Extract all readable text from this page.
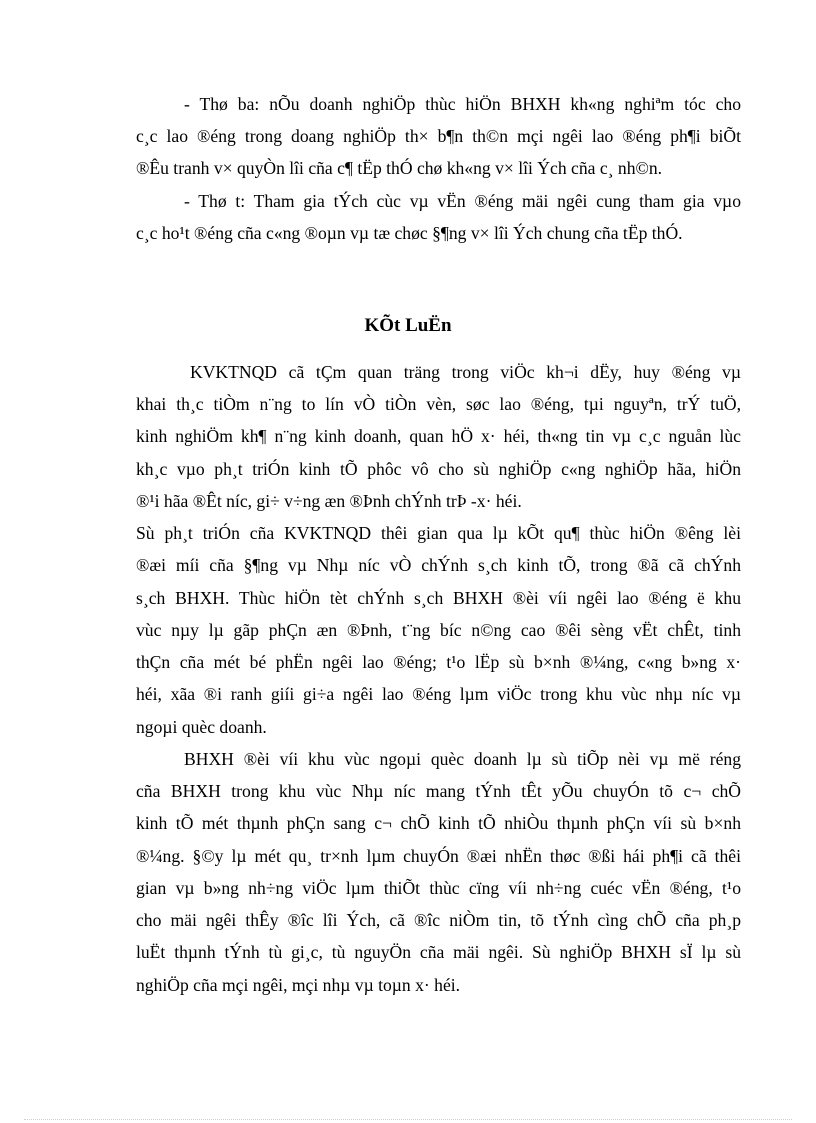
- Thø ba: nÕu doanh nghiÖp thùc hiÖn BHXH kh«ng nghiªm tóc cho
c¸c lao ®éng trong doang nghiÖp th× b¶n th©n mçi ngêi lao ®éng ph¶i biÕt
®Êu tranh v× quyÒn lîi cña c¶ tËp thÓ chø kh«ng v× lîi Ých cña c¸ nh©n.
- Thø t: Tham gia tÝch cùc vµ vËn ®éng mäi ngêi cung tham gia vµo
c¸c ho¹t ®éng cña c«ng ®oµn vµ tæ chøc §¶ng v× lîi Ých chung cña tËp thÓ.
KÕt LuËn
KVKTNQD cã tÇm quan träng trong viÖc kh¬i dËy, huy ®éng vµ
khai th¸c tiÒm n¨ng to lín vÒ tiÒn vèn, søc lao ®éng, tµi nguyªn, trÝ tuÖ,
kinh nghiÖm kh¶ n¨ng kinh doanh, quan hÖ x· héi, th«ng tin vµ c¸c nguån lùc
kh¸c vµo ph¸t triÓn kinh tÕ phôc vô cho sù nghiÖp c«ng nghiÖp hãa, hiÖn
®¹i hãa ®Êt níc, gi÷ v÷ng æn ®Þnh chÝnh trÞ -x· héi.
Sù ph¸t triÓn cña KVKTNQD thêi gian qua lµ kÕt qu¶ thùc hiÖn ®êng lèi
®æi míi cña §¶ng vµ Nhµ níc vÒ chÝnh s¸ch kinh tÕ, trong ®ã cã chÝnh
s¸ch BHXH. Thùc hiÖn tèt chÝnh s¸ch BHXH ®èi víi ngêi lao ®éng ë khu
vùc nµy lµ gãp phÇn æn ®Þnh, t¨ng bíc n©ng cao ®êi sèng vËt chÊt, tinh
thÇn cña mét bé phËn ngêi lao ®éng; t¹o lËp sù b×nh ®¼ng, c«ng b»ng x·
héi, xãa ®i ranh giíi gi÷a ngêi lao ®éng lµm viÖc trong khu vùc nhµ níc vµ
ngoµi quèc doanh.
BHXH ®èi víi khu vùc ngoµi quèc doanh lµ sù tiÕp nèi vµ më réng
cña BHXH trong khu vùc Nhµ níc mang tÝnh tÊt yÕu chuyÓn tõ c¬ chÕ
kinh tÕ mét thµnh phÇn sang c¬ chÕ kinh tÕ nhiÒu thµnh phÇn víi sù b×nh
®¼ng. §©y lµ mét qu¸ tr×nh lµm chuyÓn ®æi nhËn thøc ®ßi hái ph¶i cã thêi
gian vµ b»ng nh÷ng viÖc lµm thiÕt thùc cïng víi nh÷ng cuéc vËn ®éng, t¹o
cho mäi ngêi thÊy ®îc lîi Ých, cã ®îc niÒm tin, tõ tÝnh cìng chÕ cña ph¸p
luËt thµnh tÝnh tù gi¸c, tù nguyÖn cña mäi ngêi. Sù nghiÖp BHXH sÏ lµ sù
nghiÖp cña mçi ngêi, mçi nhµ vµ toµn x· héi.
